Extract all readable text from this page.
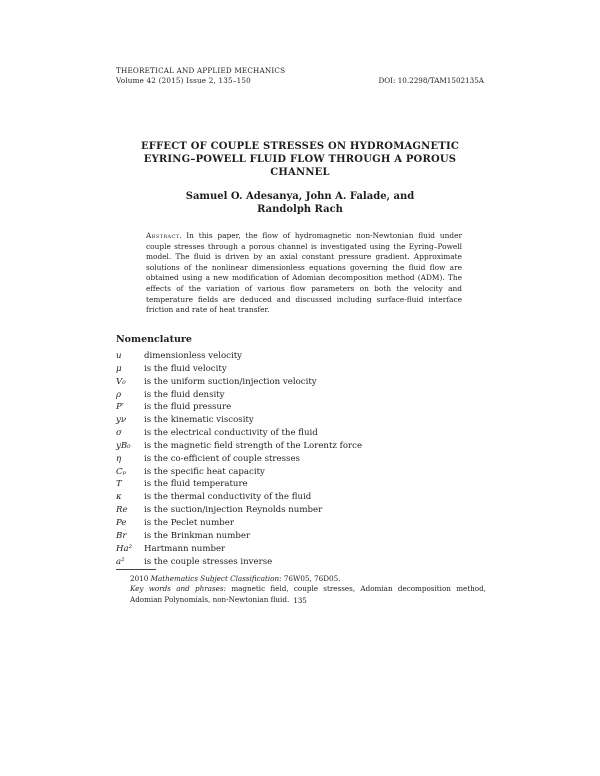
THEORETICAL AND APPLIED MECHANICS
Volume 42 (2015) Issue 2, 135–150	DOI: 10.2298/TAM1502135A
EFFECT OF COUPLE STRESSES ON HYDROMAGNETIC
EYRING–POWELL FLUID FLOW THROUGH A POROUS
CHANNEL
Samuel O. Adesanya, John A. Falade, and
Randolph Rach
Abstract. In this paper, the flow of hydromagnetic non-Newtonian fluid under couple stresses through a porous channel is investigated using the Eyring–Powell model. The fluid is driven by an axial constant pressure gradient. Approximate solutions of the nonlinear dimensionless equations governing the fluid flow are obtained using a new modification of Adomian decomposition method (ADM). The effects of the variation of various flow parameters on both the velocity and temperature fields are deduced and discussed including surface-fluid interface friction and rate of heat transfer.
Nomenclature
u	dimensionless velocity
μ	is the fluid velocity
V₀	is the uniform suction/injection velocity
ρ	is the fluid density
P′	is the fluid pressure
yν	is the kinematic viscosity
σ	is the electrical conductivity of the fluid
yB₀	is the magnetic field strength of the Lorentz force
η	is the co-efficient of couple stresses
Cₚ	is the specific heat capacity
T	is the fluid temperature
κ	is the thermal conductivity of the fluid
Re	is the suction/injection Reynolds number
Pe	is the Peclet number
Br	is the Brinkman number
Ha²	Hartmann number
a²	is the couple stresses inverse
2010 Mathematics Subject Classification: 76W05, 76D05.
Key words and phrases: magnetic field, couple stresses, Adomian decomposition method, Adomian Polynomials, non-Newtonian fluid. 135
